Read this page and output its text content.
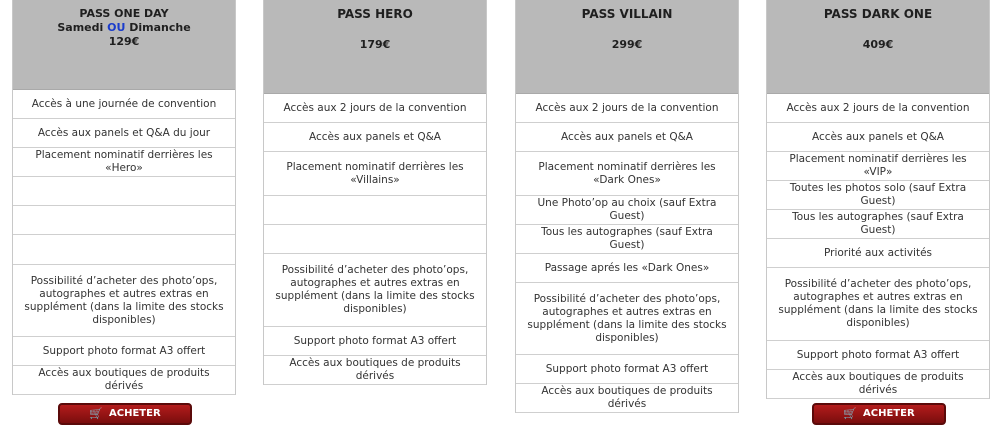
PASS ONE DAY
Samedi OU Dimanche
129€
Accès à une journée de convention
Accès aux panels et Q&A du jour
Placement nominatif derrières les «Hero»
Possibilité d’acheter des photo’ops, autographes et autres extras en supplément (dans la limite des stocks disponibles)
Support photo format A3 offert
Accès aux boutiques de produits dérivés
PASS HERO
179€
Accès aux 2 jours de la convention
Accès aux panels et Q&A
Placement nominatif derrières les «Villains»
Possibilité d’acheter des photo’ops, autographes et autres extras en supplément (dans la limite des stocks disponibles)
Support photo format A3 offert
Accès aux boutiques de produits dérivés
PASS VILLAIN
299€
Accès aux 2 jours de la convention
Accès aux panels et Q&A
Placement nominatif derrières les «Dark Ones»
Une Photo’op au choix (sauf Extra Guest)
Tous les autographes (sauf Extra Guest)
Passage aprés les «Dark Ones»
Possibilité d’acheter des photo’ops, autographes et autres extras en supplément (dans la limite des stocks disponibles)
Support photo format A3 offert
Accès aux boutiques de produits dérivés
PASS DARK ONE
409€
Accès aux 2 jours de la convention
Accès aux panels et Q&A
Placement nominatif derrières les «VIP»
Toutes les photos solo (sauf Extra Guest)
Tous les autographes (sauf Extra Guest)
Priorité aux activités
Possibilité d’acheter des photo’ops, autographes et autres extras en supplément (dans la limite des stocks disponibles)
Support photo format A3 offert
Accès aux boutiques de produits dérivés
🛒 ACHETER	🛒 ACHETER
